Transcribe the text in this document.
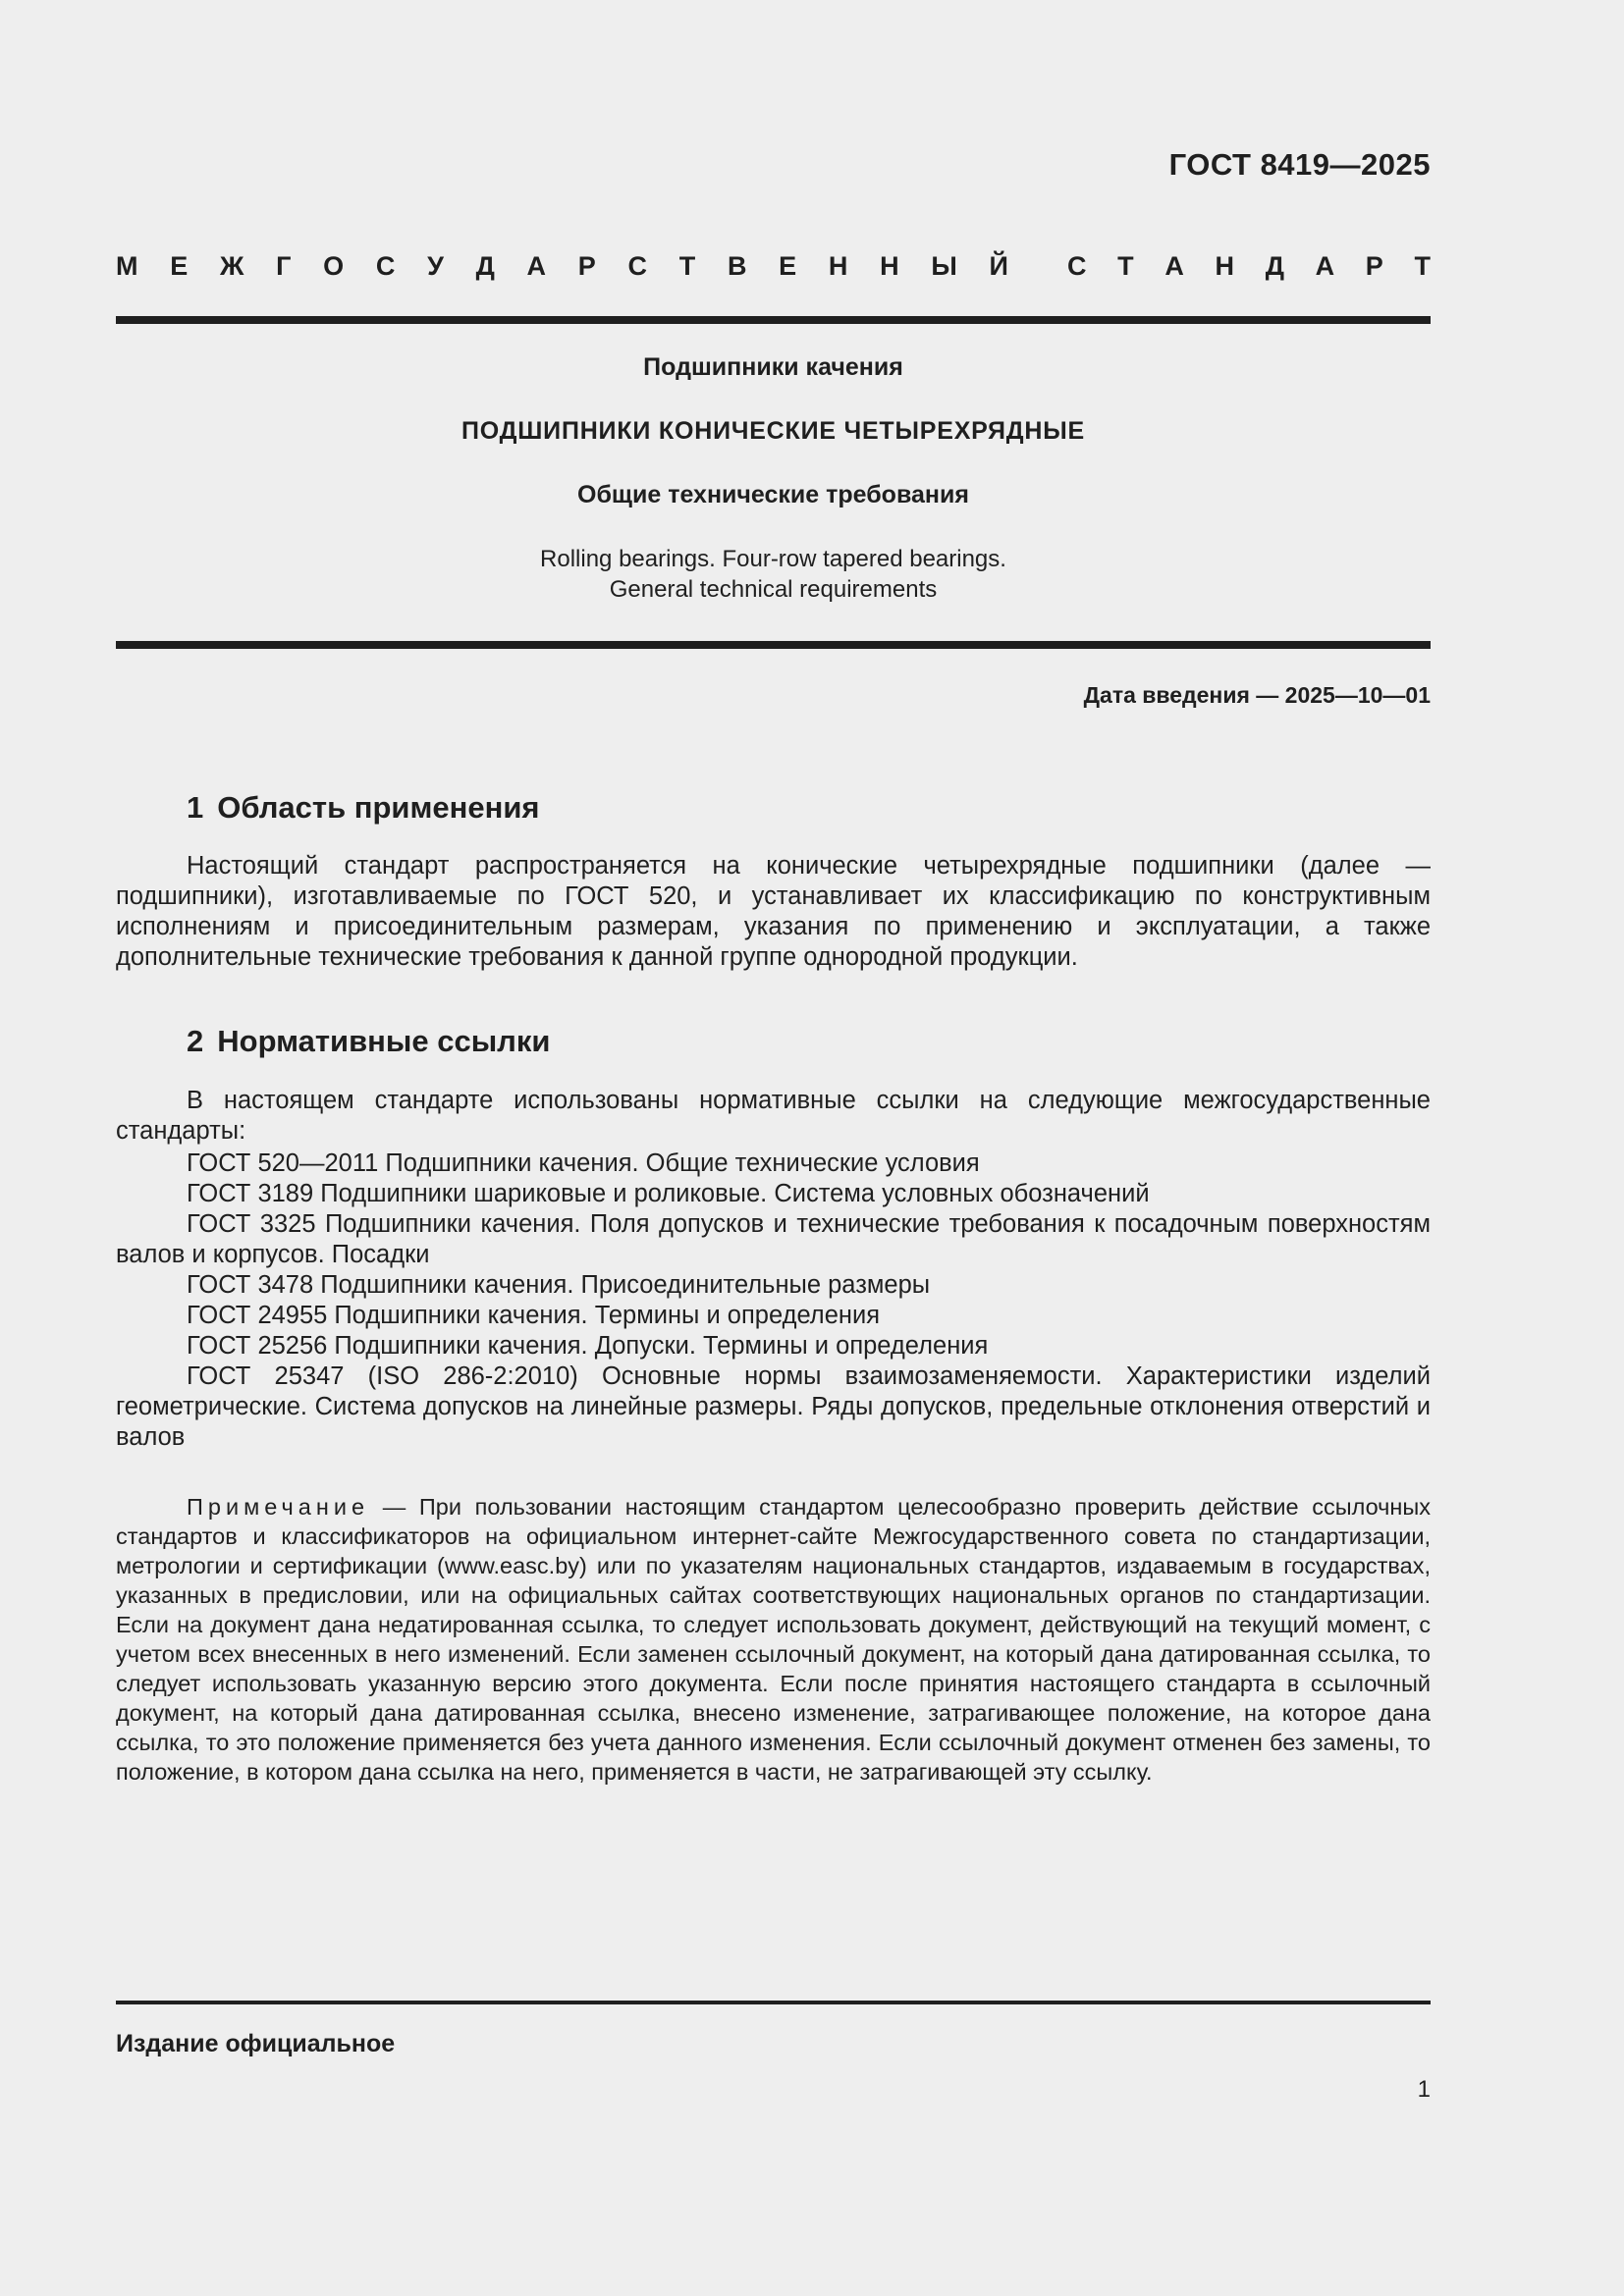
ГОСТ 8419—2025
М Е Ж Г О С У Д А Р С Т В Е Н Н Ы Й С Т А Н Д А Р Т
Подшипники качения
ПОДШИПНИКИ КОНИЧЕСКИЕ ЧЕТЫРЕХРЯДНЫЕ
Общие технические требования
Rolling bearings. Four-row tapered bearings.
General technical requirements
Дата введения — 2025—10—01
1 Область применения
Настоящий стандарт распространяется на конические четырехрядные подшипники (далее — подшипники), изготавливаемые по ГОСТ 520, и устанавливает их классификацию по конструктивным исполнениям и присоединительным размерам, указания по применению и эксплуатации, а также дополнительные технические требования к данной группе однородной продукции.
2 Нормативные ссылки
В настоящем стандарте использованы нормативные ссылки на следующие межгосударственные стандарты:
ГОСТ 520—2011 Подшипники качения. Общие технические условия
ГОСТ 3189 Подшипники шариковые и роликовые. Система условных обозначений
ГОСТ 3325 Подшипники качения. Поля допусков и технические требования к посадочным поверхностям валов и корпусов. Посадки
ГОСТ 3478 Подшипники качения. Присоединительные размеры
ГОСТ 24955 Подшипники качения. Термины и определения
ГОСТ 25256 Подшипники качения. Допуски. Термины и определения
ГОСТ 25347 (ISO 286-2:2010) Основные нормы взаимозаменяемости. Характеристики изделий геометрические. Система допусков на линейные размеры. Ряды допусков, предельные отклонения отверстий и валов
Примечание — При пользовании настоящим стандартом целесообразно проверить действие ссылочных стандартов и классификаторов на официальном интернет-сайте Межгосударственного совета по стандартизации, метрологии и сертификации (www.easc.by) или по указателям национальных стандартов, издаваемым в государствах, указанных в предисловии, или на официальных сайтах соответствующих национальных органов по стандартизации. Если на документ дана недатированная ссылка, то следует использовать документ, действующий на текущий момент, с учетом всех внесенных в него изменений. Если заменен ссылочный документ, на который дана датированная ссылка, то следует использовать указанную версию этого документа. Если после принятия настоящего стандарта в ссылочный документ, на который дана датированная ссылка, внесено изменение, затрагивающее положение, на которое дана ссылка, то это положение применяется без учета данного изменения. Если ссылочный документ отменен без замены, то положение, в котором дана ссылка на него, применяется в части, не затрагивающей эту ссылку.
Издание официальное
1
